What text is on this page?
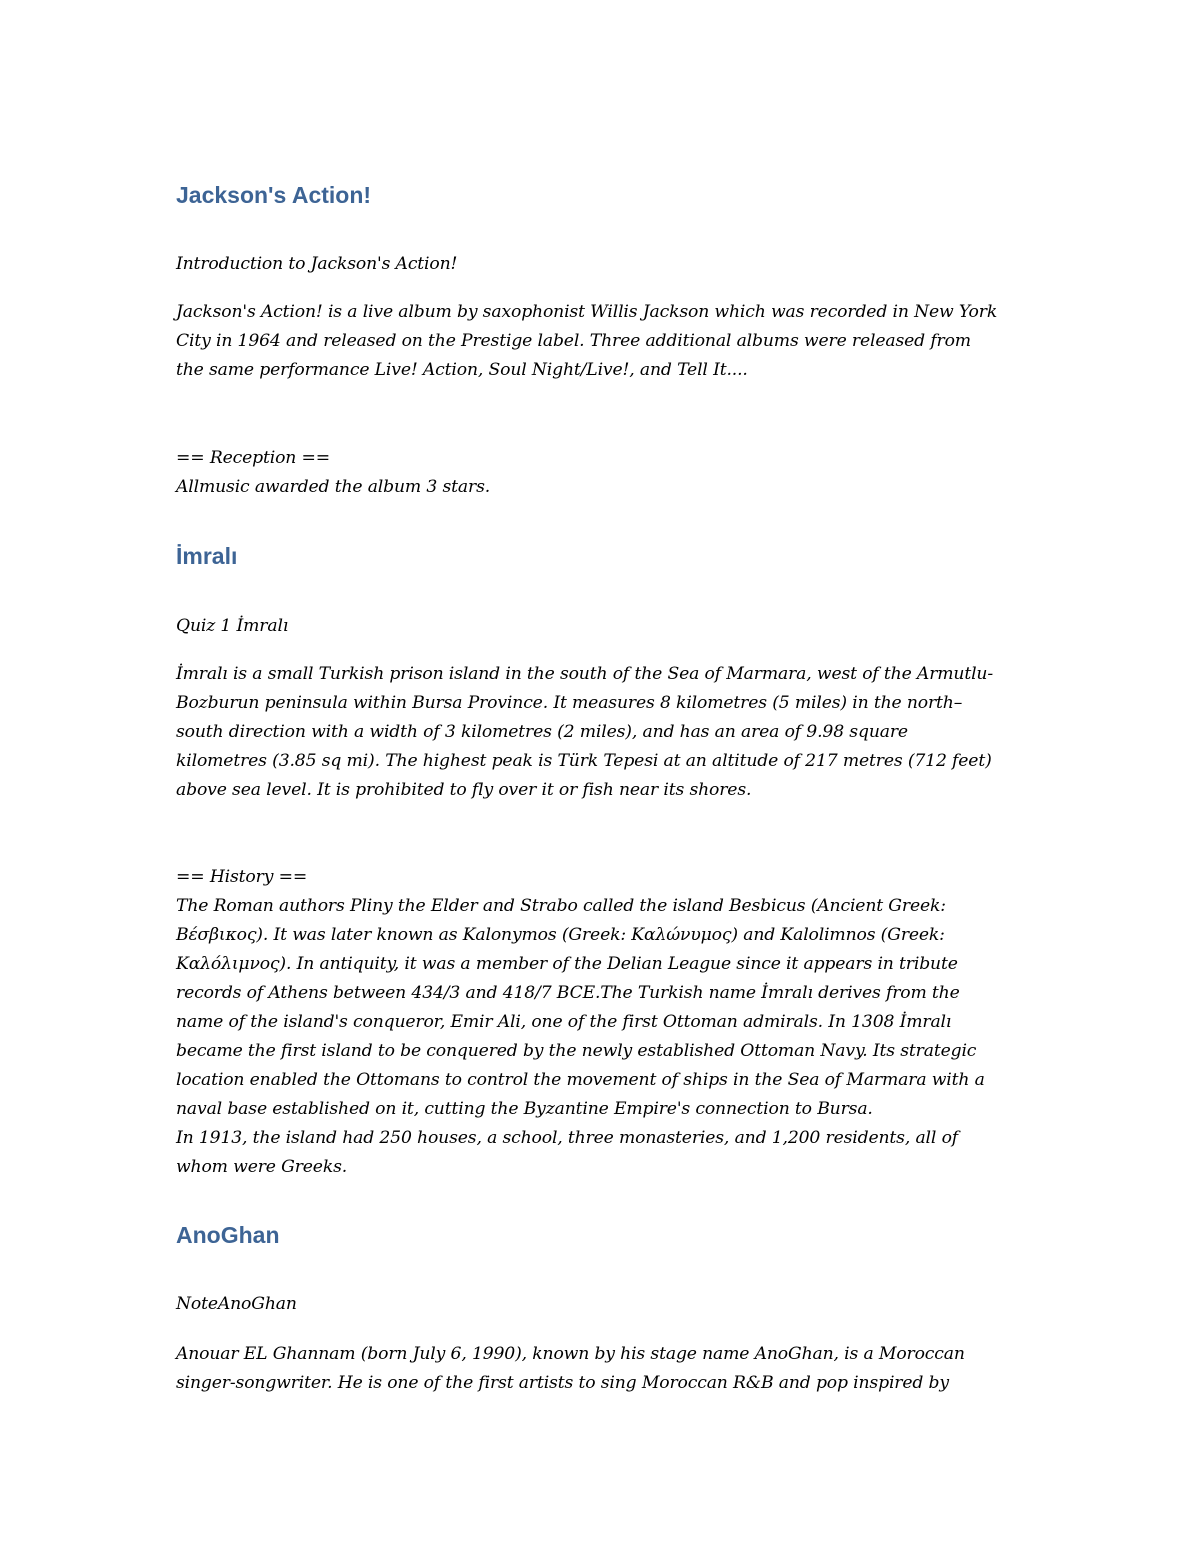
Jackson's Action!

Introduction to Jackson's Action!

Jackson's Action! is a live album by saxophonist Willis Jackson which was recorded in New York
City in 1964 and released on the Prestige label. Three additional albums were released from
the same performance Live! Action, Soul Night/Live!, and Tell It....

== Reception ==
Allmusic awarded the album 3 stars.

İmralı

Quiz 1 İmralı

İmralı is a small Turkish prison island in the south of the Sea of Marmara, west of the Armutlu-
Bozburun peninsula within Bursa Province. It measures 8 kilometres (5 miles) in the north–
south direction with a width of 3 kilometres (2 miles), and has an area of 9.98 square
kilometres (3.85 sq mi). The highest peak is Türk Tepesi at an altitude of 217 metres (712 feet)
above sea level. It is prohibited to fly over it or fish near its shores.

== History ==
The Roman authors Pliny the Elder and Strabo called the island Besbicus (Ancient Greek:
Βέσβικος). It was later known as Kalonymos (Greek: Καλώνυμος) and Kalolimnos (Greek:
Καλόλιμνος). In antiquity, it was a member of the Delian League since it appears in tribute
records of Athens between 434/3 and 418/7 BCE.The Turkish name İmralı derives from the
name of the island's conqueror, Emir Ali, one of the first Ottoman admirals. In 1308 İmralı
became the first island to be conquered by the newly established Ottoman Navy. Its strategic
location enabled the Ottomans to control the movement of ships in the Sea of Marmara with a
naval base established on it, cutting the Byzantine Empire's connection to Bursa.
In 1913, the island had 250 houses, a school, three monasteries, and 1,200 residents, all of
whom were Greeks.

AnoGhan

NoteAnoGhan

Anouar EL Ghannam (born July 6, 1990), known by his stage name AnoGhan, is a Moroccan
singer-songwriter. He is one of the first artists to sing Moroccan R&B and pop inspired by
